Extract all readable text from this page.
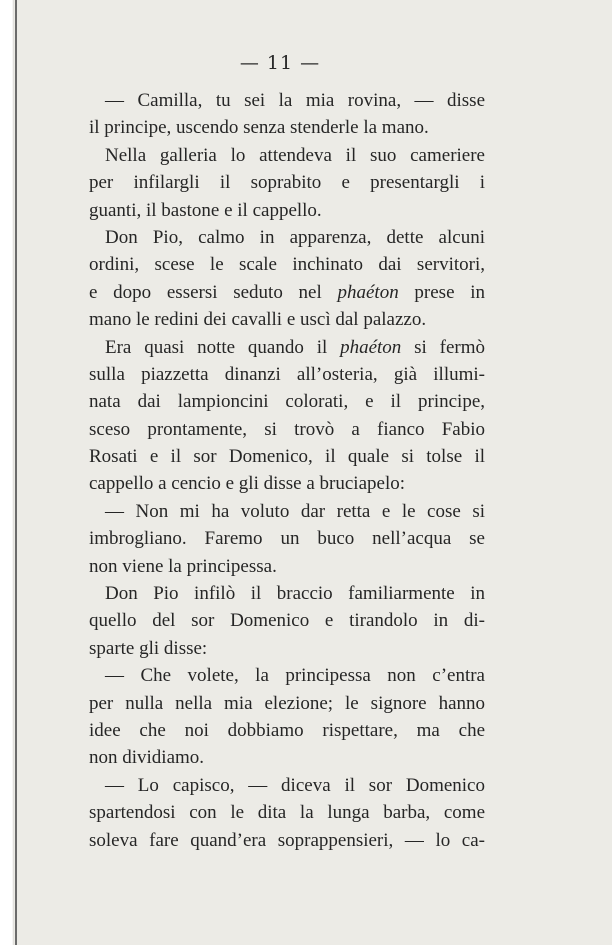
— 11 —
— Camilla, tu sei la mia rovina, — disse
il principe, uscendo senza stenderle la mano.
Nella galleria lo attendeva il suo cameriere
per infilargli il soprabito e presentargli i
guanti, il bastone e il cappello.
Don Pio, calmo in apparenza, dette alcuni
ordini, scese le scale inchinato dai servitori,
e dopo essersi seduto nel phaéton prese in
mano le redini dei cavalli e uscì dal palazzo.
Era quasi notte quando il phaéton si fermò
sulla piazzetta dinanzi all’osteria, già illumi-
nata dai lampioncini colorati, e il principe,
sceso prontamente, si trovò a fianco Fabio
Rosati e il sor Domenico, il quale si tolse il
cappello a cencio e gli disse a bruciapelo:
— Non mi ha voluto dar retta e le cose si
imbrogliano. Faremo un buco nell’acqua se
non viene la principessa.
Don Pio infilò il braccio familiarmente in
quello del sor Domenico e tirandolo in di-
sparte gli disse:
— Che volete, la principessa non c’entra
per nulla nella mia elezione; le signore hanno
idee che noi dobbiamo rispettare, ma che
non dividiamo.
— Lo capisco, — diceva il sor Domenico
spartendosi con le dita la lunga barba, come
soleva fare quand’era soprappensieri, — lo ca-
